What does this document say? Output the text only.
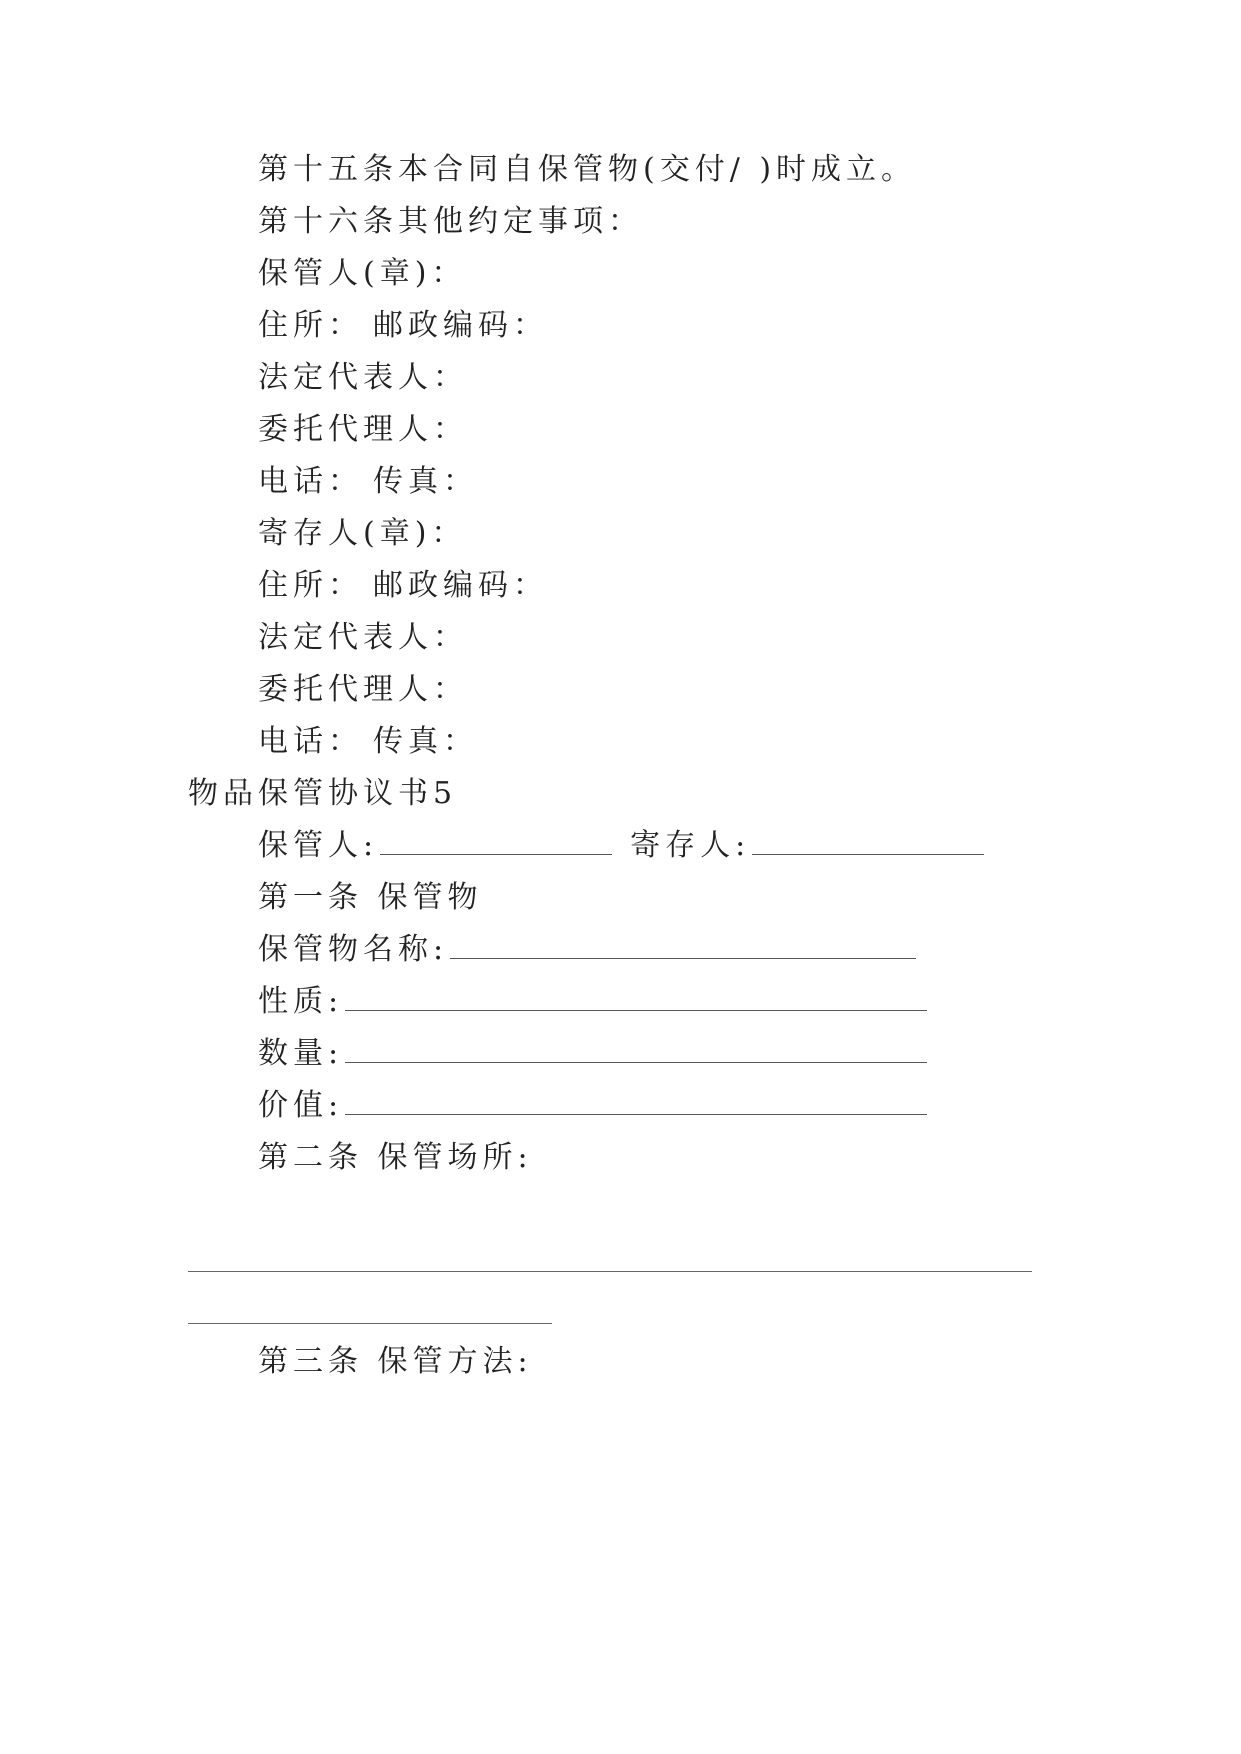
第十五条本合同自保管物(交付/ )时成立。
第十六条其他约定事项：
保管人(章)：
住所： 邮政编码：
法定代表人：
委托代理人：
电话： 传真：
寄存人(章)：
住所： 邮政编码：
法定代表人：
委托代理人：
电话： 传真：
物品保管协议书5
保管人:	寄存人:
第一条 保管物
保管物名称:
性质:
数量:
价值:
第二条 保管场所:
第三条 保管方法:
